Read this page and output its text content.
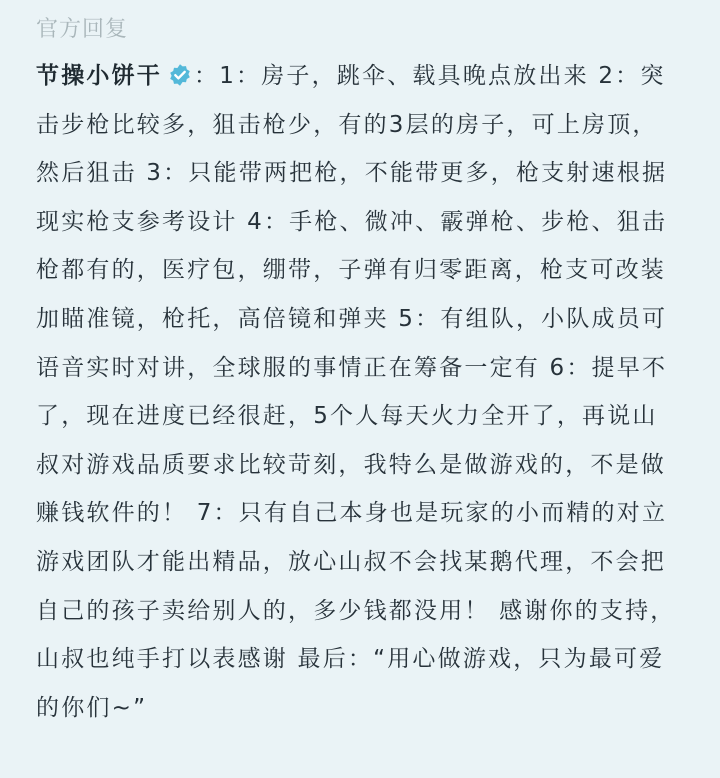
官方回复
节操小饼干 ：1：房子，跳伞、载具晚点放出来 2：突击步枪比较多，狙击枪少，有的3层的房子，可上房顶，然后狙击 3：只能带两把枪，不能带更多，枪支射速根据现实枪支参考设计 4：手枪、微冲、霰弹枪、步枪、狙击枪都有的，医疗包，绷带，子弹有归零距离，枪支可改装加瞄准镜，枪托，高倍镜和弹夹 5：有组队，小队成员可语音实时对讲，全球服的事情正在筹备一定有 6：提早不了，现在进度已经很赶，5个人每天火力全开了，再说山叔对游戏品质要求比较苛刻，我特么是做游戏的，不是做赚钱软件的！ 7：只有自己本身也是玩家的小而精的对立游戏团队才能出精品，放心山叔不会找某鹅代理，不会把自己的孩子卖给别人的，多少钱都没用！ 感谢你的支持，山叔也纯手打以表感谢 最后：“用心做游戏，只为最可爱的你们~”
